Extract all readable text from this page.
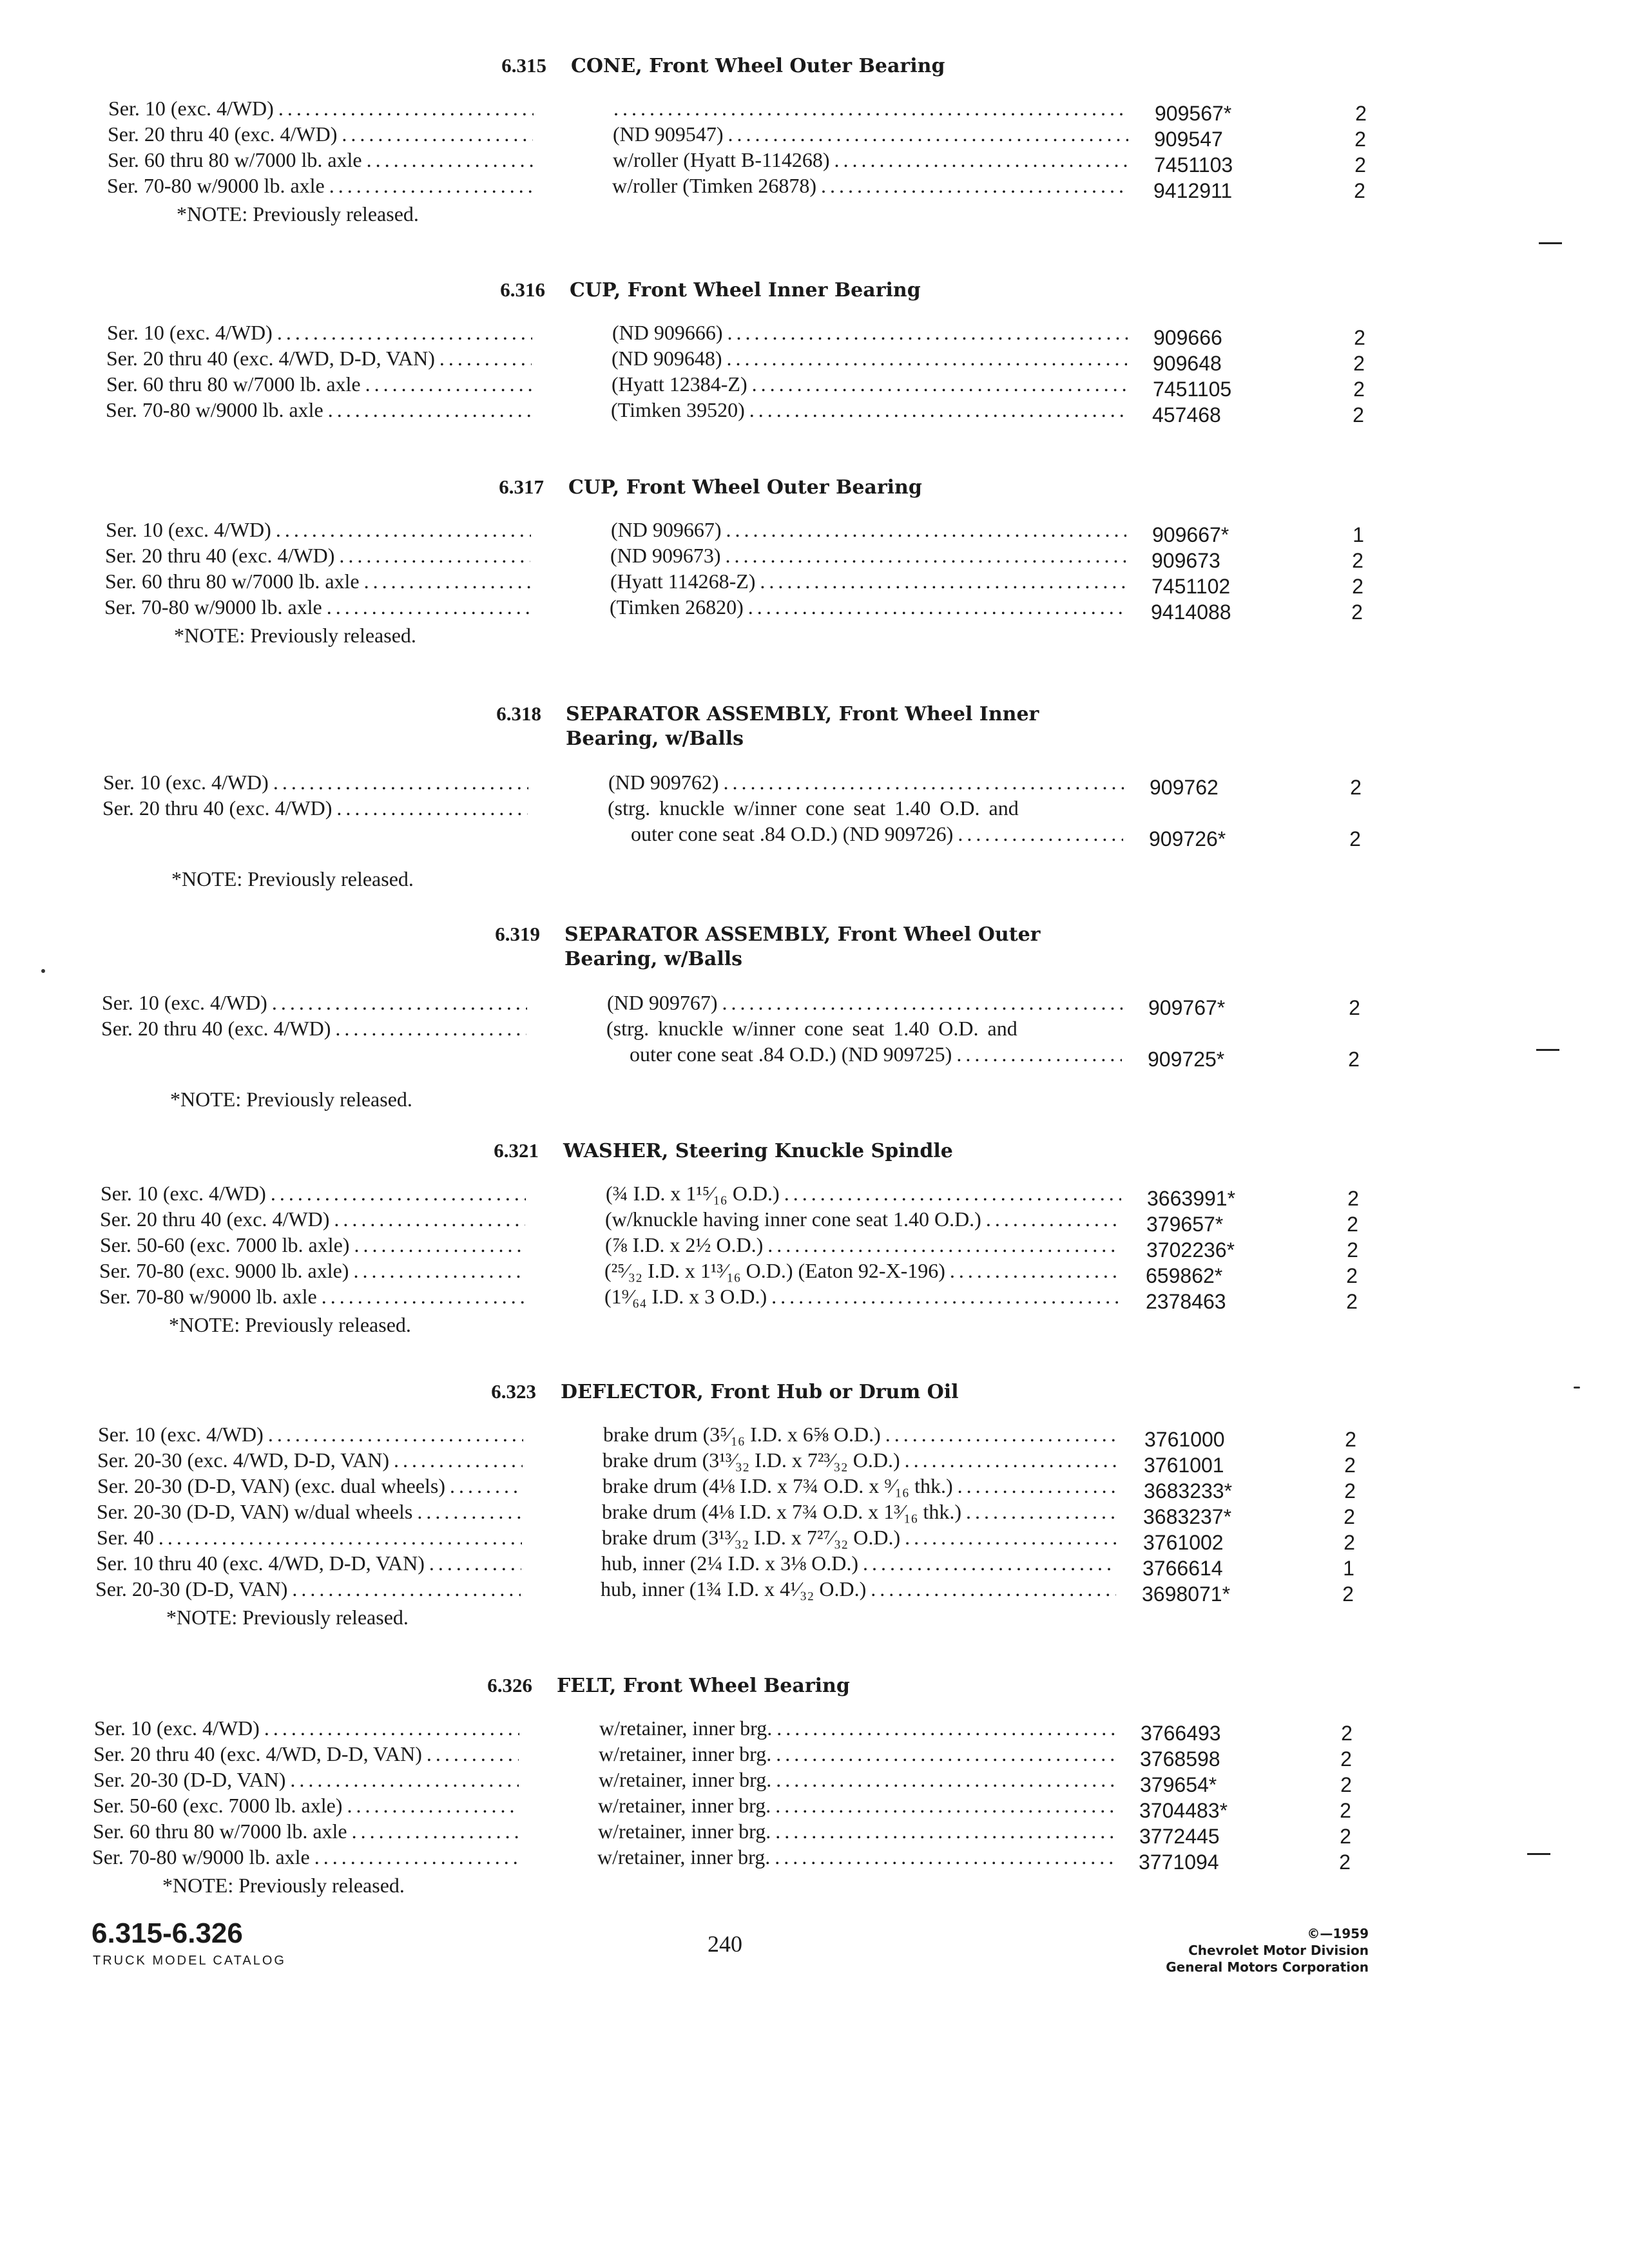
6.315 CONE, Front Wheel Outer Bearing
Ser. 10 (exc. 4/WD) . . .
. . .	909567*	2
Ser. 20 thru 40 (exc. 4/WD) . . .	(ND 909547) . . .	909547	2
Ser. 60 thru 80 w/7000 lb. axle . . .	w/roller (Hyatt B-114268) . . .	7451103	2
Ser. 70-80 w/9000 lb. axle . . .	w/roller (Timken 26878) . . .	9412911	2
*NOTE: Previously released.
6.316 CUP, Front Wheel Inner Bearing
Ser. 10 (exc. 4/WD) . . .	(ND 909666) . . .	909666	2
Ser. 20 thru 40 (exc. 4/WD, D-D, VAN) . . .	(ND 909648) . . .	909648	2
Ser. 60 thru 80 w/7000 lb. axle . . .	(Hyatt 12384-Z) . . .	7451105	2
Ser. 70-80 w/9000 lb. axle . . .	(Timken 39520) . . .	457468	2
6.317 CUP, Front Wheel Outer Bearing
Ser. 10 (exc. 4/WD) . . .	(ND 909667) . . .	909667*	1
Ser. 20 thru 40 (exc. 4/WD) . . .	(ND 909673) . . .	909673	2
Ser. 60 thru 80 w/7000 lb. axle . . .	(Hyatt 114268-Z) . . .	7451102	2
Ser. 70-80 w/9000 lb. axle . . .	(Timken 26820) . . .	9414088	2
*NOTE: Previously released.
6.318 SEPARATOR ASSEMBLY, Front Wheel Inner
Bearing, w/Balls
Ser. 10 (exc. 4/WD) . . .	(ND 909762) . . .	909762	2
Ser. 20 thru 40 (exc. 4/WD) . . .	(strg. knuckle w/inner cone seat 1.40 O.D. and
outer cone seat .84 O.D.) (ND 909726) . . .	909726*	2
*NOTE: Previously released.
6.319 SEPARATOR ASSEMBLY, Front Wheel Outer
Bearing, w/Balls
Ser. 10 (exc. 4/WD) . . .	(ND 909767) . . .	909767*	2
Ser. 20 thru 40 (exc. 4/WD) . . .	(strg. knuckle w/inner cone seat 1.40 O.D. and
outer cone seat .84 O.D.) (ND 909725) . . .	909725*	2
*NOTE: Previously released.
6.321 WASHER, Steering Knuckle Spindle
Ser. 10 (exc. 4/WD) . . .	(¾ I.D. x 1¹⁵⁄₁₆ O.D.) . . .	3663991*	2
Ser. 20 thru 40 (exc. 4/WD) . . .	(w/knuckle having inner cone seat 1.40 O.D.) . . .	379657*	2
Ser. 50-60 (exc. 7000 lb. axle) . . .	(⅞ I.D. x 2½ O.D.) . . .	3702236*	2
Ser. 70-80 (exc. 9000 lb. axle) . . .	(²⁵⁄₃₂ I.D. x 1¹³⁄₁₆ O.D.) (Eaton 92-X-196) . . .	659862*	2
Ser. 70-80 w/9000 lb. axle . . .	(1⁹⁄₆₄ I.D. x 3 O.D.) . . .	2378463	2
*NOTE: Previously released.
6.323 DEFLECTOR, Front Hub or Drum Oil
Ser. 10 (exc. 4/WD) . . .	brake drum (3⁵⁄₁₆ I.D. x 6⅝ O.D.) . . .	3761000	2
Ser. 20-30 (exc. 4/WD, D-D, VAN) . . .	brake drum (3¹³⁄₃₂ I.D. x 7²³⁄₃₂ O.D.) . . .	3761001	2
Ser. 20-30 (D-D, VAN) (exc. dual wheels) . . .	brake drum (4⅛ I.D. x 7¾ O.D. x ⁹⁄₁₆ thk.) . . .	3683233*	2
Ser. 20-30 (D-D, VAN) w/dual wheels . . .	brake drum (4⅛ I.D. x 7¾ O.D. x 1³⁄₁₆ thk.) . . .	3683237*	2
Ser. 40 . . .	brake drum (3¹³⁄₃₂ I.D. x 7²⁷⁄₃₂ O.D.) . . .	3761002	2
Ser. 10 thru 40 (exc. 4/WD, D-D, VAN) . . .	hub, inner (2¼ I.D. x 3⅛ O.D.) . . .	3766614	1
Ser. 20-30 (D-D, VAN) . . .	hub, inner (1¾ I.D. x 4¹⁄₃₂ O.D.) . . .	3698071*	2
*NOTE: Previously released.
6.326 FELT, Front Wheel Bearing
Ser. 10 (exc. 4/WD) . . .	w/retainer, inner brg. . . .	3766493	2
Ser. 20 thru 40 (exc. 4/WD, D-D, VAN) . . .	w/retainer, inner brg. . . .	3768598	2
Ser. 20-30 (D-D, VAN) . . .	w/retainer, inner brg. . . .	379654*	2
Ser. 50-60 (exc. 7000 lb. axle) . . .	w/retainer, inner brg. . . .	3704483*	2
Ser. 60 thru 80 w/7000 lb. axle . . .	w/retainer, inner brg. . . .	3772445	2
Ser. 70-80 w/9000 lb. axle . . .	w/retainer, inner brg. . . .	3771094	2
*NOTE: Previously released.
6.315-6.326
TRUCK MODEL CATALOG
240	©—1959
Chevrolet Motor Division
General Motors Corporation
